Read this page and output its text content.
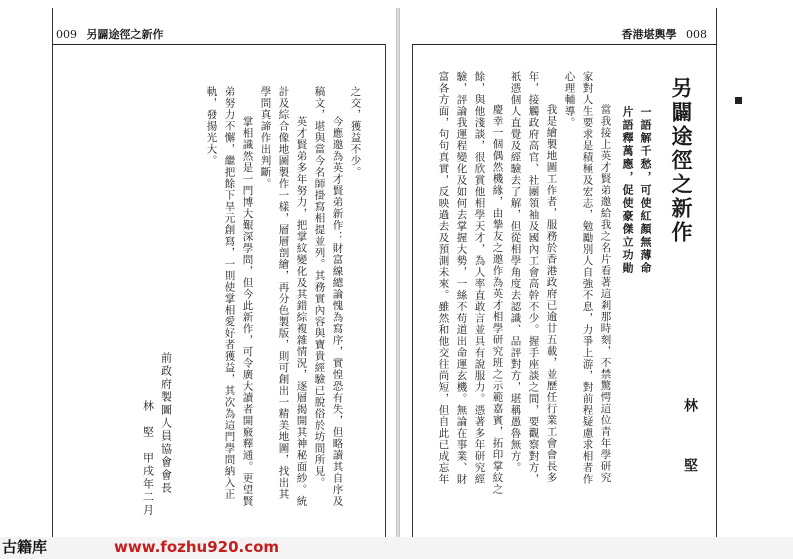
009 另闢途徑之新作	香港堪輿學 008
另闢途徑之新作
林　堅
一語解千愁，可使紅顏無薄命
片語釋萬應，促使豪傑立功勛
當我接上英才賢弟邀給我之名片看著這剎那時刻，不禁驚愕這位青年學研究
家對人生要求是積極及宏志，勉勵別人自強不息，力爭上游，對前程疑慮求相者作
心理輔導。
我是繪製地圖工作者，服務於香港政府已逾廿五載，並歷任行業工會會長多
年，接觸政府高官、社團領袖及國內工會高幹不少。握手座談之間，要觀察對方，
祇憑個人直覺及經驗去了解，但從相學角度去認識、品評對方，堪稱愚魯無方。
慶幸一個偶然機緣，由摯友之邀作為英才相學研究班之示範嘉賓，拓印掌紋之
餘，與他淺談，很欣賞他相學天才，為人率直敢言並具有說服力。憑著多年研究經
驗，評論我運程變化及如何去掌握大勢，一絲不苟道出命運玄機。無論在事業、財
富各方面，句句真實，反映過去及預測未來。雖然和他交往尚短，但自此已成忘年
之交，獲益不少。
今應邀為英才賢弟新作：財富線總論愧為寫序，實惶恐有失，但略讀其自序及
稿文，堪與當今名師掛寫相提並列。其務實內容與寶貴經驗已脫俗於坊間所見。
英才賢弟多年努力，把掌紋變化及其錯綜複雜情況，逐層揭開其神秘面紗。統
計及綜合像地圖製作一樣，層層剖繪，再分色製版，則可創出一精美地圖，找出其
學問真諦作出判斷。
掌相識然是一門博大艱深學問，但今此新作，可令廣大讀者開竅釋通。更望賢
弟努力不懈，繼把餘下旱元創寫，一則使掌相愛好者獲益，其次為這門學問納入正
軌，發揚光大。
前政府製圖人員協會會長
林　堅　甲戌年二月
古籍库	www.fozhu920.com
